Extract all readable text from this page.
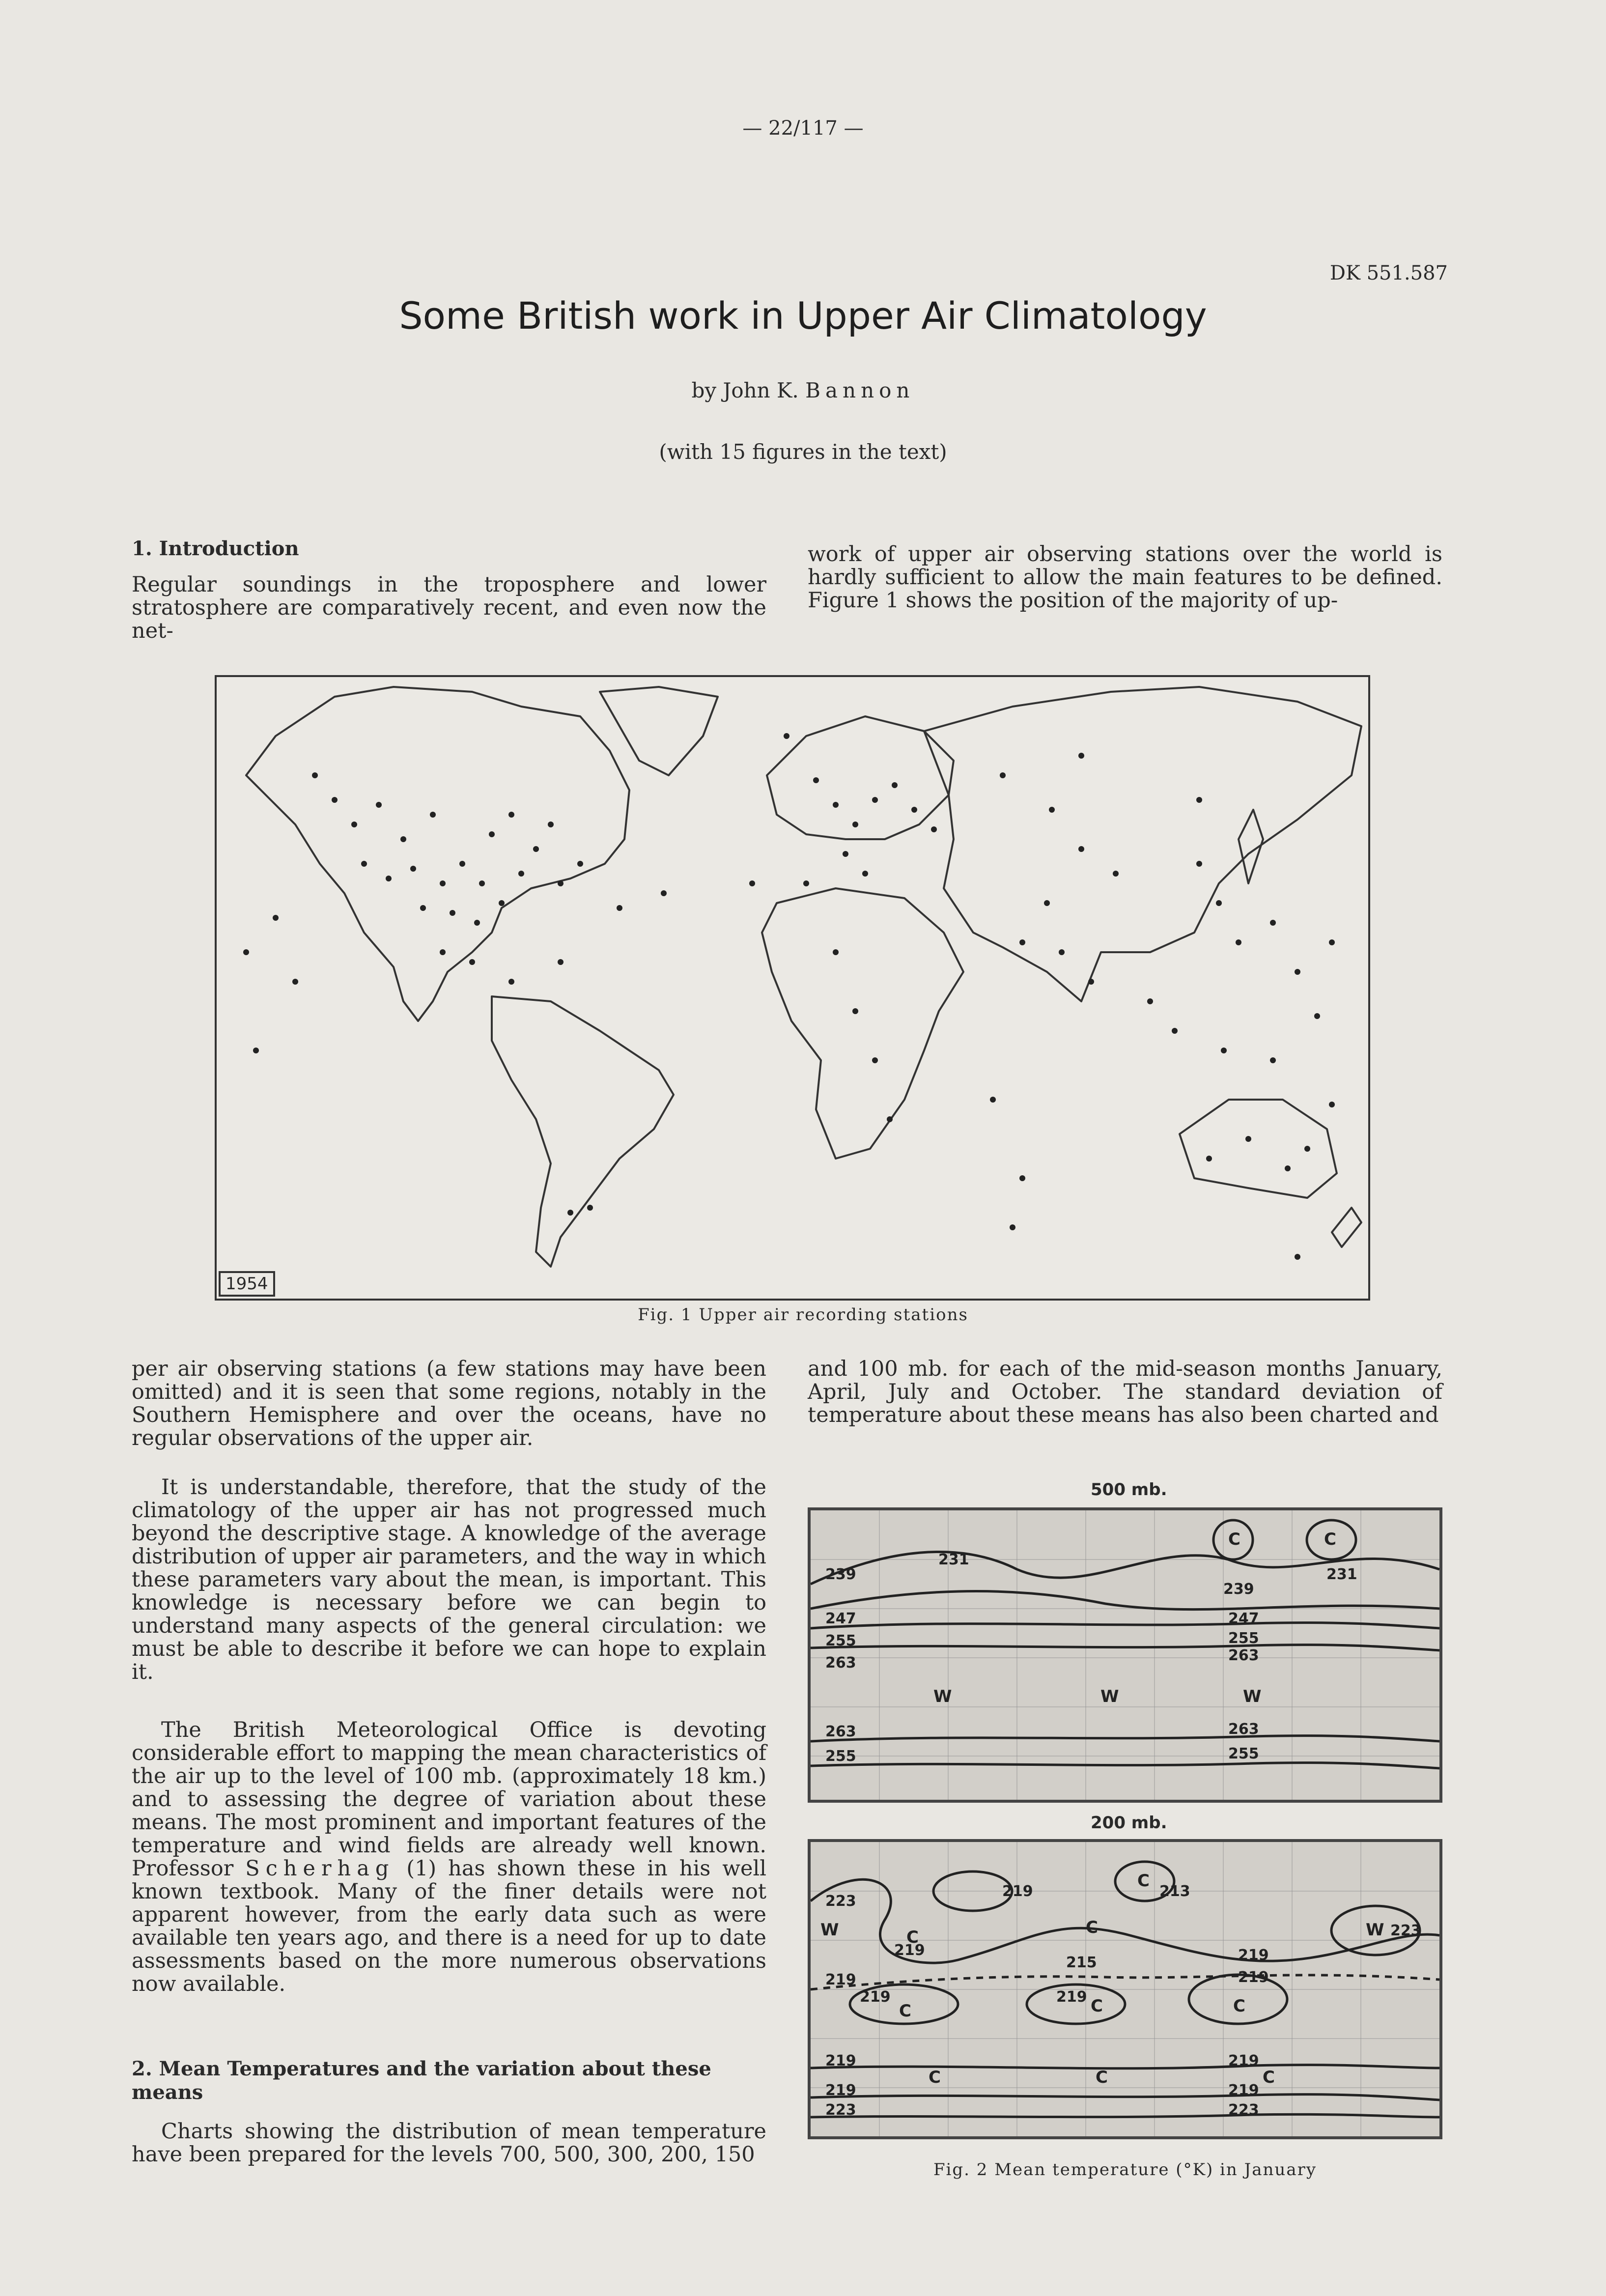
— 22/117 —
DK 551.587
Some British work in Upper Air Climatology
by John K. Bannon
(with 15 figures in the text)
1. Introduction

Regular soundings in the troposphere and lower stratosphere are comparatively recent, and even now the net-

work of upper air observing stations over the world is hardly sufficient to allow the main features to be defined. Figure 1 shows the position of the majority of up-

1954
Fig. 1 Upper air recording stations

per air observing stations (a few stations may have been omitted) and it is seen that some regions, notably in the Southern Hemisphere and over the oceans, have no regular observations of the upper air.

It is understandable, therefore, that the study of the climatology of the upper air has not progressed much beyond the descriptive stage. A knowledge of the average distribution of upper air parameters, and the way in which these parameters vary about the mean, is important. This knowledge is necessary before we can begin to understand many aspects of the general circulation: we must be able to describe it before we can hope to explain it.

The British Meteorological Office is devoting considerable effort to mapping the mean characteristics of the air up to the level of 100 mb. (approximately 18 km.) and to assessing the degree of variation about these means. The most prominent and important features of the temperature and wind fields are already well known. Professor Scherhag (1) has shown these in his well known textbook. Many of the finer details were not apparent however, from the early data such as were available ten years ago, and there is a need for up to date assessments based on the more numerous observations now available.

2. Mean Temperatures and the variation about these means

Charts showing the distribution of mean temperature have been prepared for the levels 700, 500, 300, 200, 150

and 100 mb. for each of the mid-season months January, April, July and October. The standard deviation of temperature about these means has also been charted and

500 mb.
239
231
239
231
247	247
255	255
263	263
263	263
255	255
C	C
W	W	W
200 mb.
219	213
219
215	219
219
223
223
219
219	219
219	219
219	219
223	223
C
C
W	W
C
C	C	C
C	C	C
Fig. 2 Mean temperature (°K) in January
